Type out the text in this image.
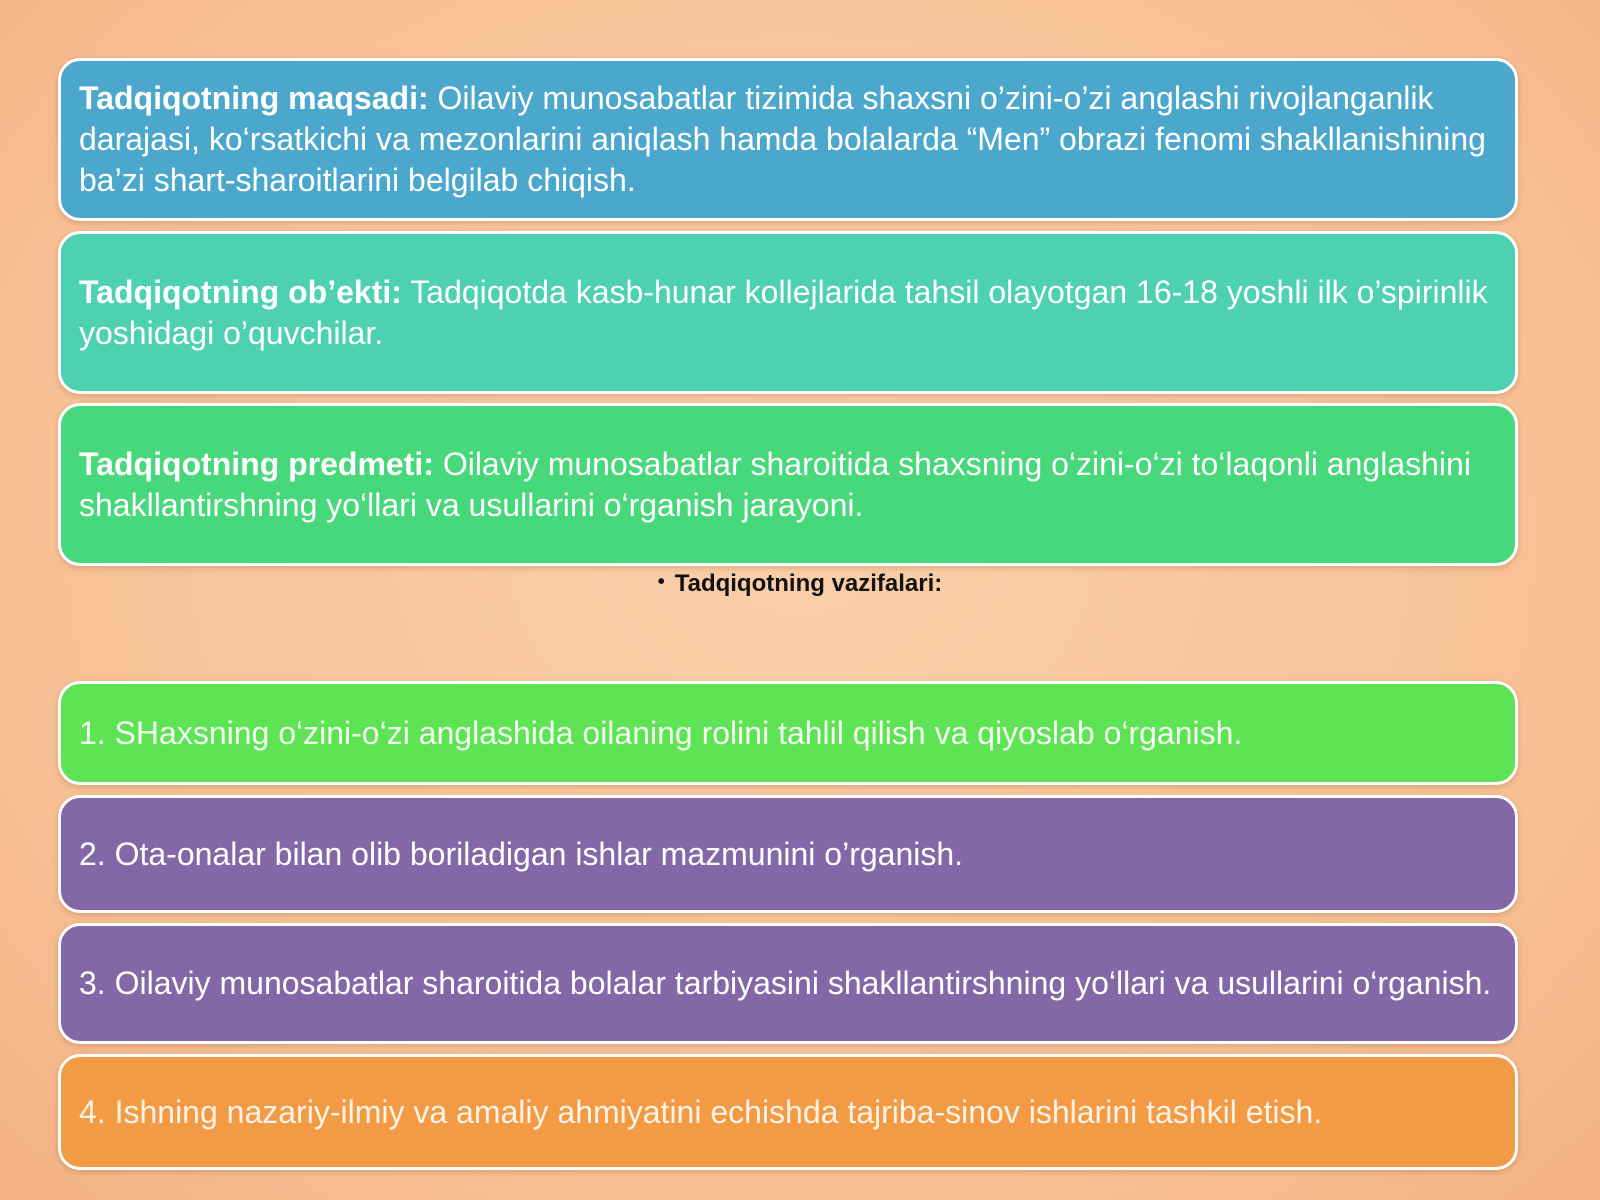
Tadqiqotning maqsadi: Oilaviy munosabatlar tizimida shaxsni o’zini-o’zi anglashi rivojlanganlik darajasi, ko‘rsatkichi va mezonlarini aniqlash hamda bolalarda “Men” obrazi fenomi shakllanishining ba’zi shart-sharoitlarini belgilab chiqish.
Tadqiqotning ob’ekti: Tadqiqotda kasb-hunar kollejlarida tahsil olayotgan 16-18 yoshli ilk o’spirinlik yoshidagi o’quvchilar.
Tadqiqotning predmeti: Oilaviy munosabatlar sharoitida shaxsning o‘zini-o‘zi to‘laqonli anglashini shakllantirshning yo‘llari va usullarini o‘rganish jarayoni.
• Tadqiqotning vazifalari:
1. SHaxsning o‘zini-o‘zi anglashida oilaning rolini tahlil qilish va qiyoslab o‘rganish.
2. Ota-onalar bilan olib boriladigan ishlar mazmunini o’rganish.
3. Oilaviy munosabatlar sharoitida bolalar tarbiyasini shakllantirshning yo‘llari va usullarini o‘rganish.
4. Ishning nazariy-ilmiy va amaliy ahmiyatini echishda tajriba-sinov ishlarini tashkil etish.
